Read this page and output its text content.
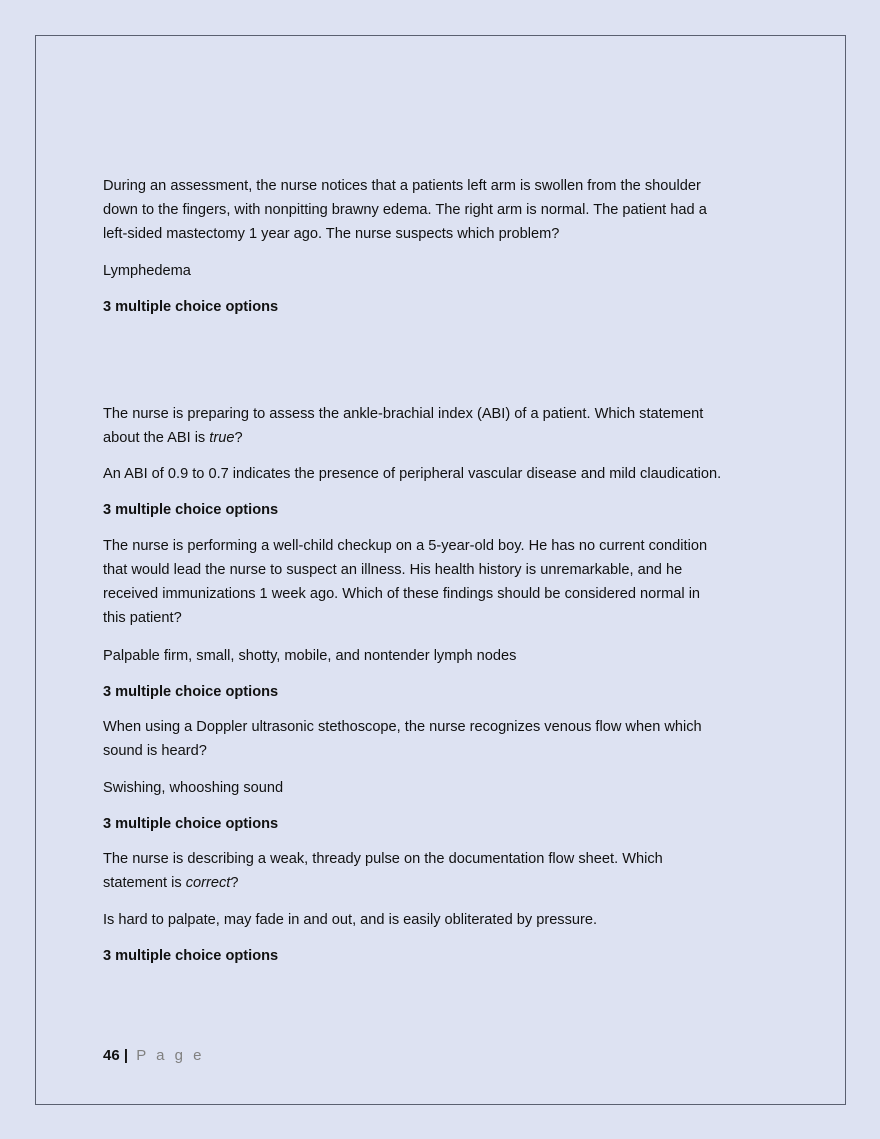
During an assessment, the nurse notices that a patients left arm is swollen from the shoulder
down to the fingers, with nonpitting brawny edema. The right arm is normal. The patient had a
left-sided mastectomy 1 year ago. The nurse suspects which problem?
Lymphedema
3 multiple choice options
The nurse is preparing to assess the ankle-brachial index (ABI) of a patient. Which statement
about the ABI is true?
An ABI of 0.9 to 0.7 indicates the presence of peripheral vascular disease and mild claudication.
3 multiple choice options
The nurse is performing a well-child checkup on a 5-year-old boy. He has no current condition
that would lead the nurse to suspect an illness. His health history is unremarkable, and he
received immunizations 1 week ago. Which of these findings should be considered normal in
this patient?
Palpable firm, small, shotty, mobile, and nontender lymph nodes
3 multiple choice options
When using a Doppler ultrasonic stethoscope, the nurse recognizes venous flow when which
sound is heard?
Swishing, whooshing sound
3 multiple choice options
The nurse is describing a weak, thready pulse on the documentation flow sheet. Which
statement is correct?
Is hard to palpate, may fade in and out, and is easily obliterated by pressure.
3 multiple choice options
46 | P a g e
